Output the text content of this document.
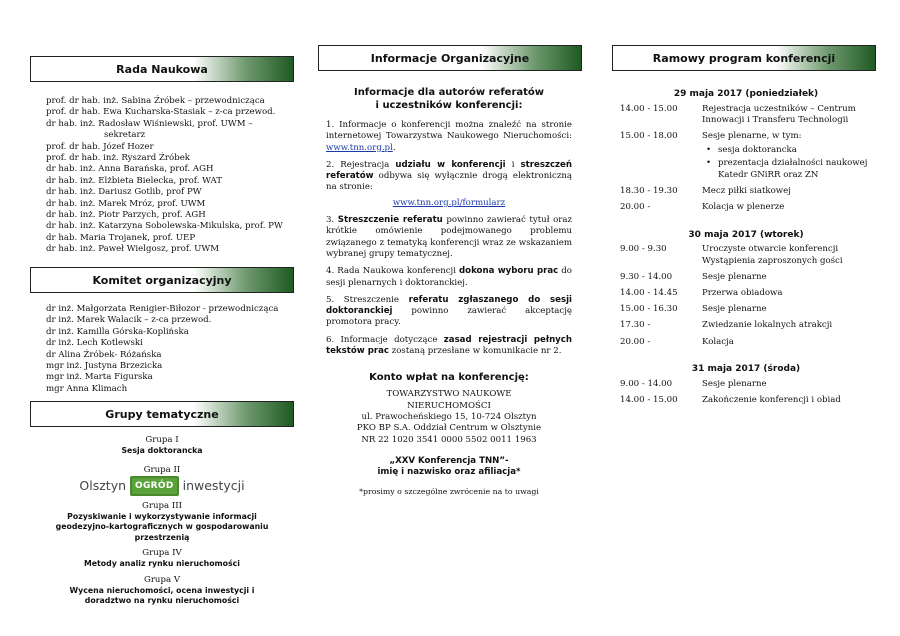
Rada Naukowa
prof. dr hab. inż. Sabina Źróbek – przewodnicząca
prof. dr hab. Ewa Kucharska-Stasiak – z-ca przewod.
dr hab. inż. Radosław Wiśniewski, prof. UWM –
sekretarz
prof. dr hab. Józef Hozer
prof. dr hab. inż. Ryszard Źróbek
dr hab. inż. Anna Barańska, prof. AGH
dr hab. inż. Elżbieta Bielecka, prof. WAT
dr hab. inż. Dariusz Gotlib, prof PW
dr hab. inż. Marek Mróz, prof. UWM
dr hab. inż. Piotr Parzych, prof. AGH
dr hab. inż. Katarzyna Sobolewska-Mikulska, prof. PW
dr hab. Maria Trojanek, prof. UEP
dr hab. inż. Paweł Wielgosz, prof. UWM
Komitet organizacyjny
dr inż. Małgorzata Renigier-Biłozor - przewodnicząca
dr inż. Marek Walacik – z-ca przewod.
dr inż. Kamilla Górska-Koplińska
dr inż. Lech Kotlewski
dr Alina Źróbek- Różańska
mgr inż. Justyna Brzezicka
mgr inż. Marta Figurska
mgr Anna Klimach
Grupy tematyczne
Grupa I
Sesja doktorancka
Grupa II
Olsztyn	OGRÓD inwestycji
Grupa III
Pozyskiwanie i wykorzystywanie informacji geodezyjno-kartograficznych w gospodarowaniu przestrzenią
Grupa IV
Metody analiz rynku nieruchomości
Grupa V
Wycena nieruchomości, ocena inwestycji i doradztwo na rynku nieruchomości
Informacje Organizacyjne
Informacje dla autorów referatów
i uczestników konferencji:

1. Informacje o konferencji można znaleźć na stronie internetowej Towarzystwa Naukowego Nieruchomości: www.tnn.org.pl.

2. Rejestracja udziału w konferencji i streszczeń referatów odbywa się wyłącznie drogą elektroniczną na stronie:

www.tnn.org.pl/formularz

3. Streszczenie referatu powinno zawierać tytuł oraz krótkie omówienie podejmowanego problemu związanego z tematyką konferencji wraz ze wskazaniem wybranej grupy tematycznej.

4. Rada Naukowa konferencji dokona wyboru prac do sesji plenarnych i doktoranckiej.

5. Streszczenie referatu zgłaszanego do sesji doktoranckiej powinno zawierać akceptację promotora pracy.

6. Informacje dotyczące zasad rejestracji pełnych tekstów prac zostaną przesłane w komunikacie nr 2.

Konto wpłat na konferencję:
TOWARZYSTWO NAUKOWE
NIERUCHOMOŚCI
ul. Prawocheńskiego 15, 10-724 Olsztyn
PKO BP S.A. Oddział Centrum w Olsztynie
NR 22 1020 3541 0000 5502 0011 1963
„XXV Konferencja TNN”-
imię i nazwisko oraz afiliacja*
*prosimy o szczególne zwrócenie na to uwagi
Ramowy program konferencji
29 maja 2017 (poniedziałek)
14.00 - 15.00	Rejestracja uczestników – Centrum Innowacji i Transferu Technologii
15.00 - 18.00	Sesje plenarne, w tym:
• sesja doktorancka
• prezentacja działalności naukowej Katedr GNiRR oraz ZN
18.30 - 19.30	Mecz piłki siatkowej
20.00 -	Kolacja w plenerze
30 maja 2017 (wtorek)
9.00 - 9.30	Uroczyste otwarcie konferencji Wystąpienia zaproszonych gości
9.30 - 14.00	Sesje plenarne
14.00 - 14.45	Przerwa obiadowa
15.00 - 16.30	Sesje plenarne
17.30 -	Zwiedzanie lokalnych atrakcji
20.00 -	Kolacja
31 maja 2017 (środa)
9.00 - 14.00	Sesje plenarne
14.00 - 15.00	Zakończenie konferencji i obiad
